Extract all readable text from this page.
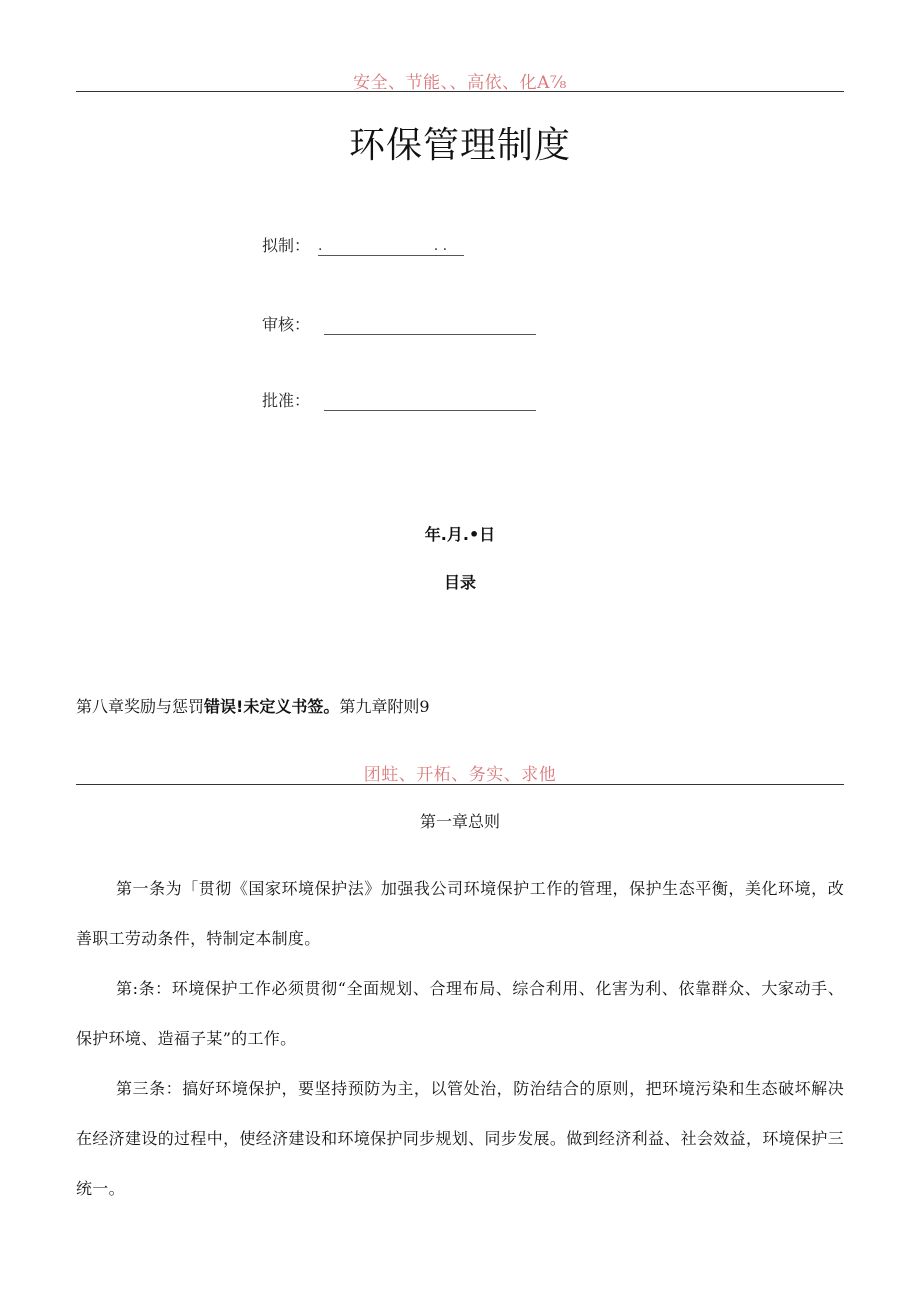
安全、节能、、高依、化A⅞
环保管理制度
拟制： .                         . .
审核：
批准：
年.月.•日
目录
第八章奖励与惩罚错误!未定义书签。第九章附则9
团蛀、开柘、务实、求他
第一章总则

第一条为「贯彻《国家环境保护法》加强我公司环境保护工作的管理，保护生态平衡，美化环境，改善职工劳动条件，特制定本制度。

第:条：环境保护工作必须贯彻“全面规划、合理布局、综合利用、化害为利、依靠群众、大家动手、保护环境、造福子某”的工作。

第三条：搞好环境保护，要坚持预防为主，以管处治，防治结合的原则，把环境污染和生态破坏解决在经济建设的过程中，使经济建设和环境保护同步规划、同步发展。做到经济利益、社会效益，环境保护三统一。
